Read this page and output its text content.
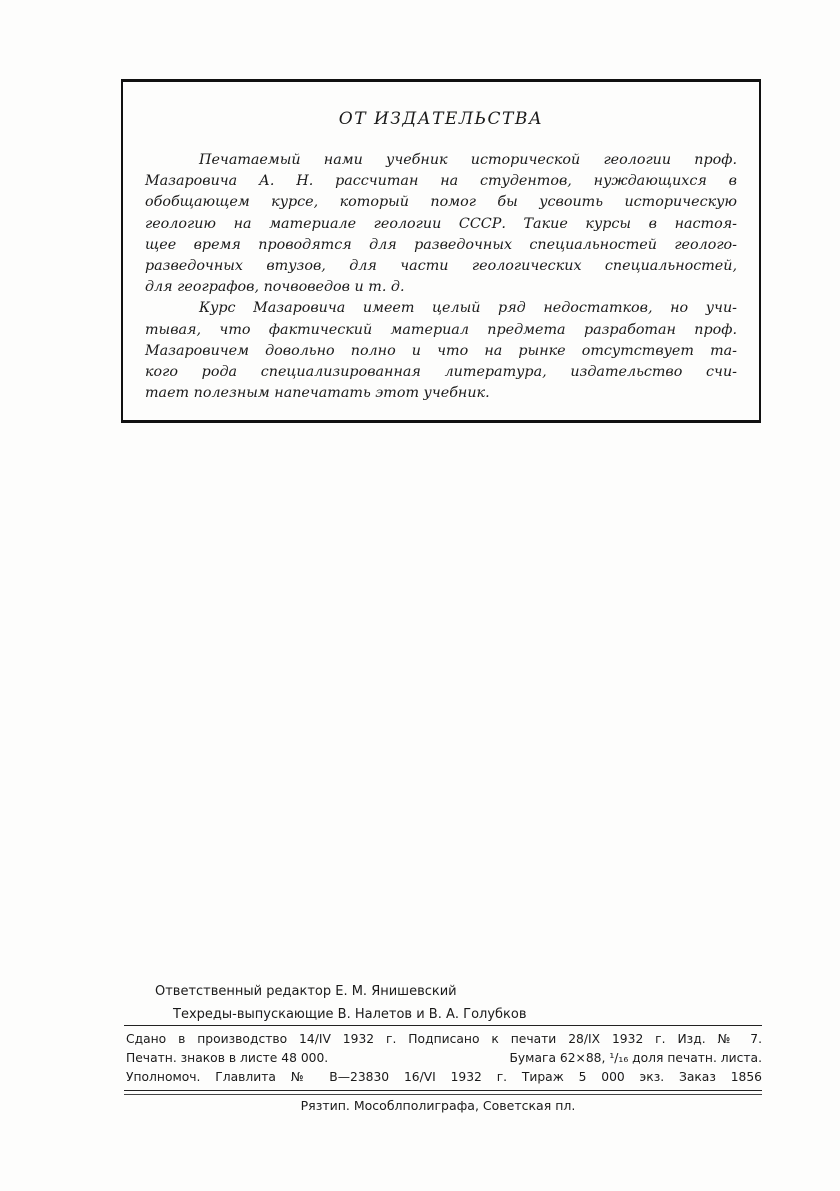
ОТ ИЗДАТЕЛЬСТВА
Печатаемый нами учебник исторической геологии проф.
Мазаровича А. Н. рассчитан на студентов, нуждающихся в
обобщающем курсе, который помог бы усвоить историческую
геологию на материале геологии СССР. Такие курсы в настоя-
щее время проводятся для разведочных специальностей геолого-
разведочных втузов, для части геологических специальностей,
для географов, почвоведов и т. д.
Курс Мазаровича имеет целый ряд недостатков, но учи-
тывая, что фактический материал предмета разработан проф.
Мазаровичем довольно полно и что на рынке отсутствует та-
кого рода специализированная литература, издательство счи-
тает полезным напечатать этот учебник.
Ответственный редактор Е. М. Янишевский
Техреды-выпускающие В. Налетов и В. А. Голубков
Сдано в производство 14/IV 1932 г. Подписано к печати 28/IX 1932 г. Изд. № 7.
Печатн. знаков в листе 48 000.	Бумага 62×88, ¹/₁₆ доля печатн. листа.
Уполномоч. Главлита № В—23830 16/VI 1932 г. Тираж 5 000 экз. Заказ 1856
Рязтип. Мособлполиграфа, Советская пл.
